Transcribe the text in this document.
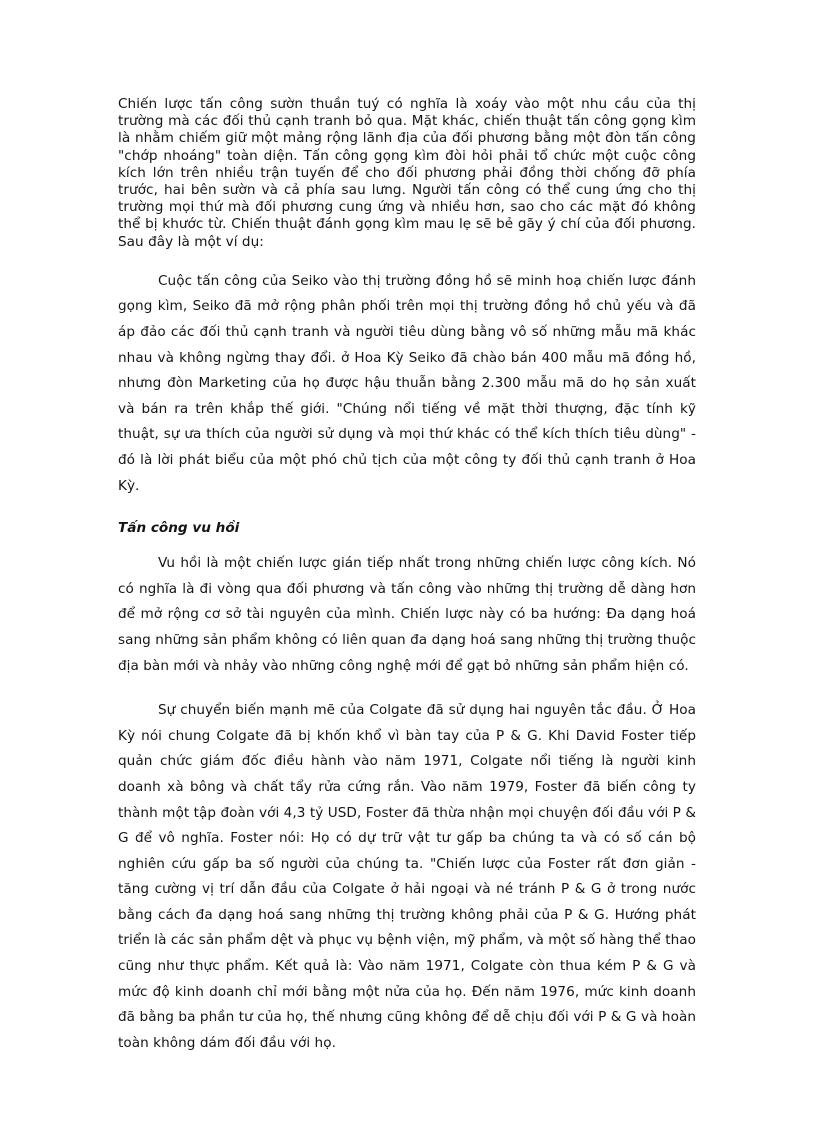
Chiến lược tấn công sườn thuần tuý có nghĩa là xoáy vào một nhu cầu của thị trường mà các đối thủ cạnh tranh bỏ qua. Mặt khác, chiến thuật tấn công gọng kìm là nhằm chiếm giữ một mảng rộng lãnh địa của đối phương bằng một đòn tấn công "chớp nhoáng" toàn diện. Tấn công gọng kìm đòi hỏi phải tổ chức một cuộc công kích lớn trên nhiều trận tuyến để cho đối phương phải đồng thời chống đỡ phía trước, hai bên sườn và cả phía sau lưng. Người tấn công có thể cung ứng cho thị trường mọi thứ mà đối phương cung ứng và nhiều hơn, sao cho các mặt đó không thể bị khước từ. Chiến thuật đánh gọng kìm mau lẹ sẽ bẻ gãy ý chí của đối phương. Sau đây là một ví dụ:

Cuộc tấn công của Seiko vào thị trường đồng hồ sẽ minh hoạ chiến lược đánh gọng kìm, Seiko đã mở rộng phân phối trên mọi thị trường đồng hồ chủ yếu và đã áp đảo các đối thủ cạnh tranh và người tiêu dùng bằng vô số những mẫu mã khác nhau và không ngừng thay đổi. ở Hoa Kỳ Seiko đã chào bán 400 mẫu mã đồng hồ, nhưng đòn Marketing của họ được hậu thuẫn bằng 2.300 mẫu mã do họ sản xuất và bán ra trên khắp thế giới. "Chúng nổi tiếng về mặt thời thượng, đặc tính kỹ thuật, sự ưa thích của người sử dụng và mọi thứ khác có thể kích thích tiêu dùng" - đó là lời phát biểu của một phó chủ tịch của một công ty đối thủ cạnh tranh ở Hoa Kỳ.

Tấn công vu hồi

Vu hồi là một chiến lược gián tiếp nhất trong những chiến lược công kích. Nó có nghĩa là đi vòng qua đối phương và tấn công vào những thị trường dễ dàng hơn để mở rộng cơ sở tài nguyên của mình. Chiến lược này có ba hướng: Đa dạng hoá sang những sản phẩm không có liên quan đa dạng hoá sang những thị trường thuộc địa bàn mới và nhảy vào những công nghệ mới để gạt bỏ những sản phẩm hiện có.

Sự chuyển biến mạnh mẽ của Colgate đã sử dụng hai nguyên tắc đầu. Ở Hoa Kỳ nói chung Colgate đã bị khốn khổ vì bàn tay của P & G. Khi David Foster tiếp quản chức giám đốc điều hành vào năm 1971, Colgate nổi tiếng là người kinh doanh xà bông và chất tẩy rửa cứng rắn. Vào năm 1979, Foster đã biến công ty thành một tập đoàn với 4,3 tỷ USD, Foster đã thừa nhận mọi chuyện đối đầu với P & G để vô nghĩa. Foster nói: Họ có dự trữ vật tư gấp ba chúng ta và có số cán bộ nghiên cứu gấp ba số người của chúng ta. "Chiến lược của Foster rất đơn giản - tăng cường vị trí dẫn đầu của Colgate ở hải ngoại và né tránh P & G ở trong nước bằng cách đa dạng hoá sang những thị trường không phải của P & G. Hướng phát triển là các sản phẩm dệt và phục vụ bệnh viện, mỹ phẩm, và một số hàng thể thao cũng như thực phẩm. Kết quả là: Vào năm 1971, Colgate còn thua kém P & G và mức độ kinh doanh chỉ mới bằng một nửa của họ. Đến năm 1976, mức kinh doanh đã bằng ba phần tư của họ, thế nhưng cũng không để dễ chịu đối với P & G và hoàn toàn không dám đối đầu với họ.
